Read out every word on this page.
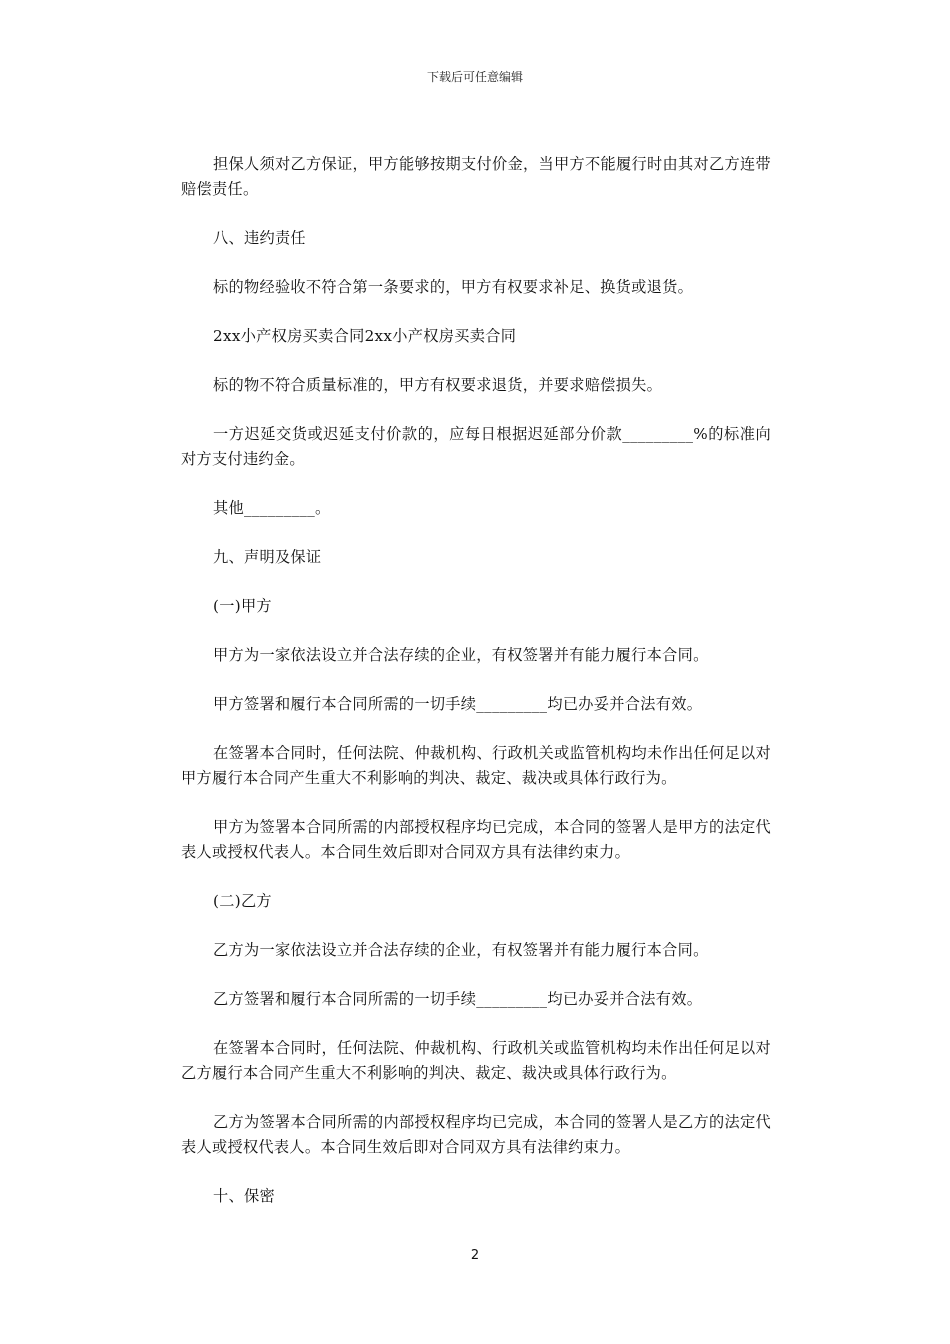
下载后可任意编辑

担保人须对乙方保证，甲方能够按期支付价金，当甲方不能履行时由其对乙方连带赔偿责任。

八、违约责任

标的物经验收不符合第一条要求的，甲方有权要求补足、换货或退货。

2xx小产权房买卖合同2xx小产权房买卖合同

标的物不符合质量标准的，甲方有权要求退货，并要求赔偿损失。

一方迟延交货或迟延支付价款的，应每日根据迟延部分价款_________%的标准向对方支付违约金。

其他_________。

九、声明及保证

(一)甲方

甲方为一家依法设立并合法存续的企业，有权签署并有能力履行本合同。

甲方签署和履行本合同所需的一切手续_________均已办妥并合法有效。

在签署本合同时，任何法院、仲裁机构、行政机关或监管机构均未作出任何足以对甲方履行本合同产生重大不利影响的判决、裁定、裁决或具体行政行为。

甲方为签署本合同所需的内部授权程序均已完成，本合同的签署人是甲方的法定代表人或授权代表人。本合同生效后即对合同双方具有法律约束力。

(二)乙方

乙方为一家依法设立并合法存续的企业，有权签署并有能力履行本合同。

乙方签署和履行本合同所需的一切手续_________均已办妥并合法有效。

在签署本合同时，任何法院、仲裁机构、行政机关或监管机构均未作出任何足以对乙方履行本合同产生重大不利影响的判决、裁定、裁决或具体行政行为。

乙方为签署本合同所需的内部授权程序均已完成，本合同的签署人是乙方的法定代表人或授权代表人。本合同生效后即对合同双方具有法律约束力。

十、保密

2
